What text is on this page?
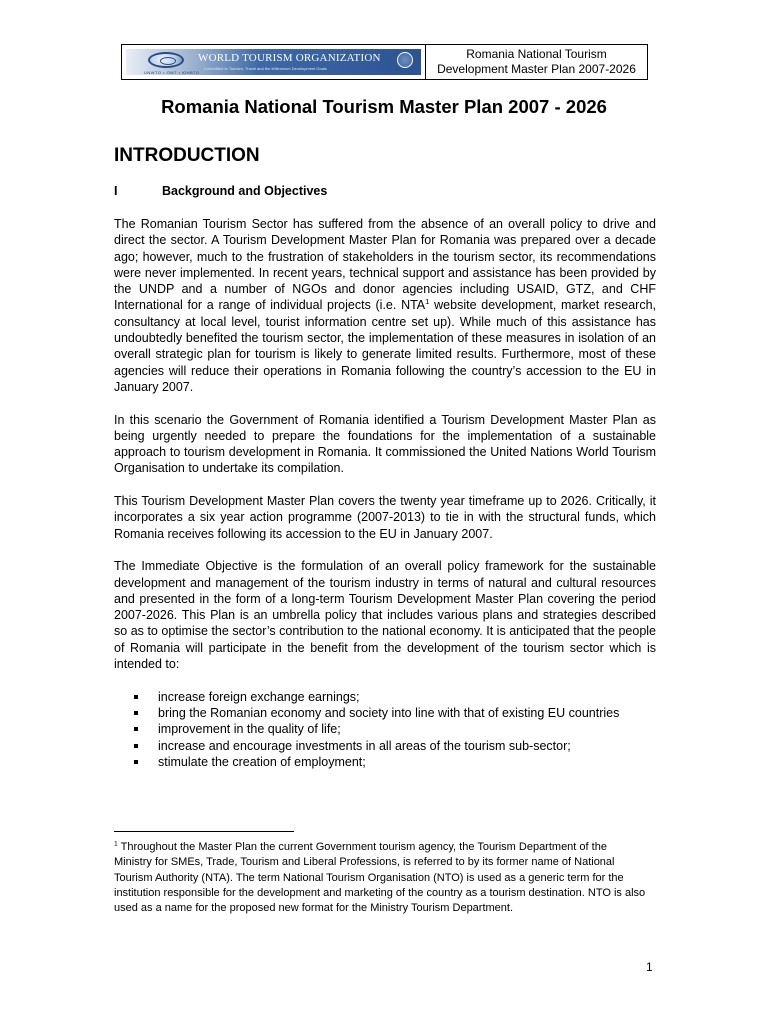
UNWTO • OMT • ЮНВТО
WORLD TOURISM ORGANIZATION
Committed to Tourism, Travel and the Millennium Development Goals
Romania National Tourism
Development Master Plan 2007-2026
Romania National Tourism Master Plan 2007 - 2026
INTRODUCTION
I	Background and Objectives

The Romanian Tourism Sector has suffered from the absence of an overall policy to drive and direct the sector. A Tourism Development Master Plan for Romania was prepared over a decade ago; however, much to the frustration of stakeholders in the tourism sector, its recommendations were never implemented. In recent years, technical support and assistance has been provided by the UNDP and a number of NGOs and donor agencies including USAID, GTZ, and CHF International for a range of individual projects (i.e. NTA$^1$ website development, market research, consultancy at local level, tourist information centre set up). While much of this assistance has undoubtedly benefited the tourism sector, the implementation of these measures in isolation of an overall strategic plan for tourism is likely to generate limited results. Furthermore, most of these agencies will reduce their operations in Romania following the country’s accession to the EU in January 2007.

In this scenario the Government of Romania identified a Tourism Development Master Plan as being urgently needed to prepare the foundations for the implementation of a sustainable approach to tourism development in Romania. It commissioned the United Nations World Tourism Organisation to undertake its compilation.

This Tourism Development Master Plan covers the twenty year timeframe up to 2026. Critically, it incorporates a six year action programme (2007-2013) to tie in with the structural funds, which Romania receives following its accession to the EU in January 2007.

The Immediate Objective is the formulation of an overall policy framework for the sustainable development and management of the tourism industry in terms of natural and cultural resources and presented in the form of a long-term Tourism Development Master Plan covering the period 2007-2026. This Plan is an umbrella policy that includes various plans and strategies described so as to optimise the sector’s contribution to the national economy. It is anticipated that the people of Romania will participate in the benefit from the development of the tourism sector which is intended to:

increase foreign exchange earnings;
bring the Romanian economy and society into line with that of existing EU countries
improvement in the quality of life;
increase and encourage investments in all areas of the tourism sub-sector;
stimulate the creation of employment;

$^1$ Throughout the Master Plan the current Government tourism agency, the Tourism Department of the Ministry for SMEs, Trade, Tourism and Liberal Professions, is referred to by its former name of National Tourism Authority (NTA). The term National Tourism Organisation (NTO) is used as a generic term for the institution responsible for the development and marketing of the country as a tourism destination. NTO is also used as a name for the proposed new format for the Ministry Tourism Department.

1
